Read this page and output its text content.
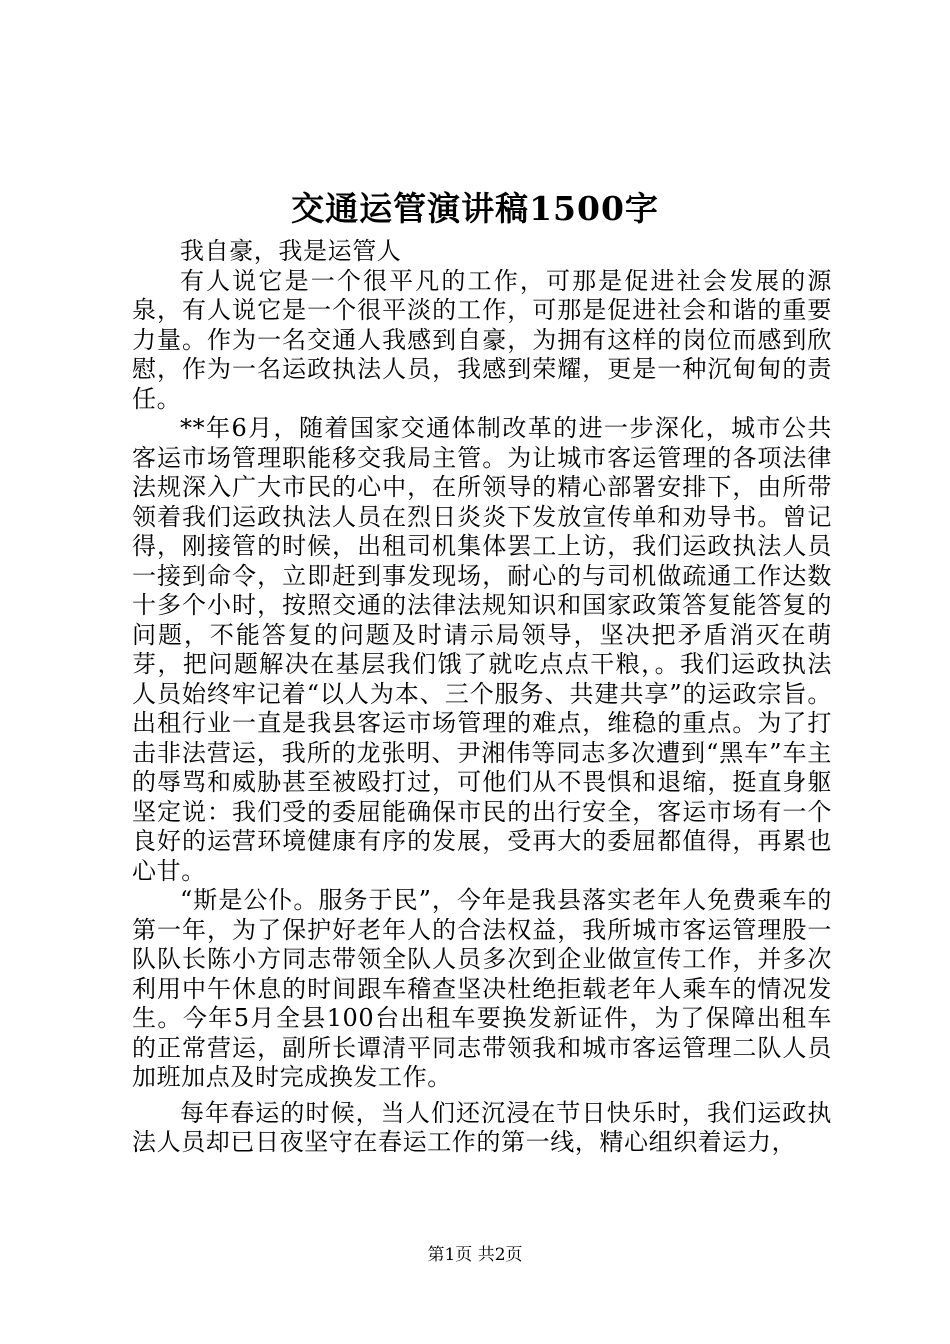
交通运管演讲稿1500字

我自豪，我是运管人

有人说它是一个很平凡的工作，可那是促进社会发展的源泉，有人说它是一个很平淡的工作，可那是促进社会和谐的重要力量。作为一名交通人我感到自豪，为拥有这样的岗位而感到欣慰，作为一名运政执法人员，我感到荣耀，更是一种沉甸甸的责任。

**年6月，随着国家交通体制改革的进一步深化，城市公共客运市场管理职能移交我局主管。为让城市客运管理的各项法律法规深入广大市民的心中，在所领导的精心部署安排下，由所带领着我们运政执法人员在烈日炎炎下发放宣传单和劝导书。曾记得，刚接管的时候，出租司机集体罢工上访，我们运政执法人员一接到命令，立即赶到事发现场，耐心的与司机做疏通工作达数十多个小时，按照交通的法律法规知识和国家政策答复能答复的问题，不能答复的问题及时请示局领导，坚决把矛盾消灭在萌芽，把问题解决在基层我们饿了就吃点点干粮，。我们运政执法人员始终牢记着“以人为本、三个服务、共建共享”的运政宗旨。出租行业一直是我县客运市场管理的难点，维稳的重点。为了打击非法营运，我所的龙张明、尹湘伟等同志多次遭到“黑车”车主的辱骂和威胁甚至被殴打过，可他们从不畏惧和退缩，挺直身躯坚定说：我们受的委屈能确保市民的出行安全，客运市场有一个良好的运营环境健康有序的发展，受再大的委屈都值得，再累也心甘。

“斯是公仆。服务于民”，今年是我县落实老年人免费乘车的第一年，为了保护好老年人的合法权益，我所城市客运管理股一队队长陈小方同志带领全队人员多次到企业做宣传工作，并多次利用中午休息的时间跟车稽查坚决杜绝拒载老年人乘车的情况发生。今年5月全县100台出租车要换发新证件，为了保障出租车的正常营运，副所长谭清平同志带领我和城市客运管理二队人员加班加点及时完成换发工作。

每年春运的时候，当人们还沉浸在节日快乐时，我们运政执法人员却已日夜坚守在春运工作的第一线，精心组织着运力，

第1页 共2页
